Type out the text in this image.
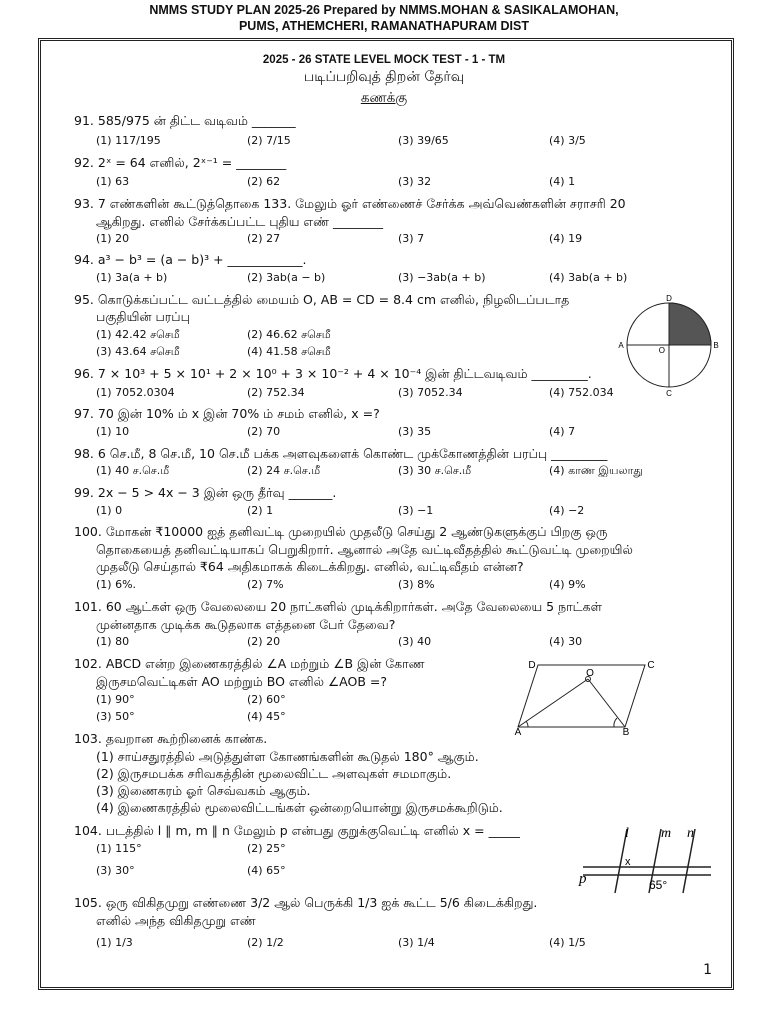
NMMS STUDY PLAN 2025-26 Prepared by NMMS.MOHAN & SASIKALAMOHAN,
PUMS, ATHEMCHERI, RAMANATHAPURAM DIST
2025 - 26 STATE LEVEL MOCK TEST - 1 - TM
படிப்பறிவுத் திறன் தேர்வு
கணக்கு
91. 585/975 ன் திட்ட வடிவம் _______
(1) 117/195	(2) 7/15	(3) 39/65	(4) 3/5
92. 2ˣ = 64 எனில், 2ˣ⁻¹ = ________
(1) 63	(2) 62	(3) 32	(4) 1
93. 7 எண்களின் கூட்டுத்தொகை 133. மேலும் ஓர் எண்ணைச் சேர்க்க அவ்வெண்களின் சராசரி 20
ஆகிறது. எனில் சேர்க்கப்பட்ட புதிய எண் ________
(1) 20	(2) 27	(3) 7	(4) 19
94. a³ − b³ = (a − b)³ + ____________.
(1) 3a(a + b)	(2) 3ab(a − b)	(3) −3ab(a + b)	(4) 3ab(a + b)
95. கொடுக்கப்பட்ட வட்டத்தில் மையம் O, AB = CD = 8.4 cm எனில், நிழலிடப்படாத
பகுதியின் பரப்பு
(1) 42.42 சசெமீ	(2) 46.62 சசெமீ
(3) 43.64 சசெமீ	(4) 41.58 சசெமீ
D
A
O
B
C
96. 7 × 10³ + 5 × 10¹ + 2 × 10⁰ + 3 × 10⁻² + 4 × 10⁻⁴ இன் திட்டவடிவம் _________.
(1) 7052.0304	(2) 752.34	(3) 7052.34	(4) 752.034
97. 70 இன் 10% ம் x இன் 70% ம் சமம் எனில், x =?
(1) 10	(2) 70	(3) 35	(4) 7
98. 6 செ.மீ, 8 செ.மீ, 10 செ.மீ பக்க அளவுகளைக் கொண்ட முக்கோணத்தின் பரப்பு _________
(1) 40 ச.செ.மீ	(2) 24 ச.செ.மீ	(3) 30 ச.செ.மீ	(4) காண இயலாது
99. 2x − 5 > 4x − 3 இன் ஒரு தீர்வு _______.
(1) 0	(2) 1	(3) −1	(4) −2
100. மோகன் ₹10000 ஐத் தனிவட்டி முறையில் முதலீடு செய்து 2 ஆண்டுகளுக்குப் பிறகு ஒரு
தொகையைத் தனிவட்டியாகப் பெறுகிறார். ஆனால் அதே வட்டிவீதத்தில் கூட்டுவட்டி முறையில்
முதலீடு செய்தால் ₹64 அதிகமாகக் கிடைக்கிறது. எனில், வட்டிவீதம் என்ன?
(1) 6%.	(2) 7%	(3) 8%	(4) 9%
101. 60 ஆட்கள் ஒரு வேலையை 20 நாட்களில் முடிக்கிறார்கள். அதே வேலையை 5 நாட்கள்
முன்னதாக முடிக்க கூடுதலாக எத்தனை பேர் தேவை?
(1) 80	(2) 20	(3) 40	(4) 30
102. ABCD என்ற இணைகரத்தில் ∠A மற்றும் ∠B இன் கோண
இருசமவெட்டிகள் AO மற்றும் BO எனில் ∠AOB =?
(1) 90°	(2) 60°
(3) 50°	(4) 45°
D	C
O
A	B
103. தவறான கூற்றினைக் காண்க.
(1) சாய்சதுரத்தில் அடுத்துள்ள கோணங்களின் கூடுதல் 180° ஆகும்.
(2) இருசமபக்க சரிவகத்தின் மூலைவிட்ட அளவுகள் சமமாகும்.
(3) இணைகரம் ஓர் செவ்வகம் ஆகும்.
(4) இணைகரத்தில் மூலைவிட்டங்கள் ஒன்றையொன்று இருசமக்கூறிடும்.
104. படத்தில் l ∥ m, m ∥ n மேலும் p என்பது குறுக்குவெட்டி எனில் x = _____
(1) 115°	(2) 25°
(3) 30°	(4) 65°
l m n
x
p	65°
105. ஒரு விகிதமுறு எண்ணை 3/2 ஆல் பெருக்கி 1/3 ஐக் கூட்ட 5/6 கிடைக்கிறது.
எனில் அந்த விகிதமுறு எண்
(1) 1/3	(2) 1/2	(3) 1/4	(4) 1/5
1
